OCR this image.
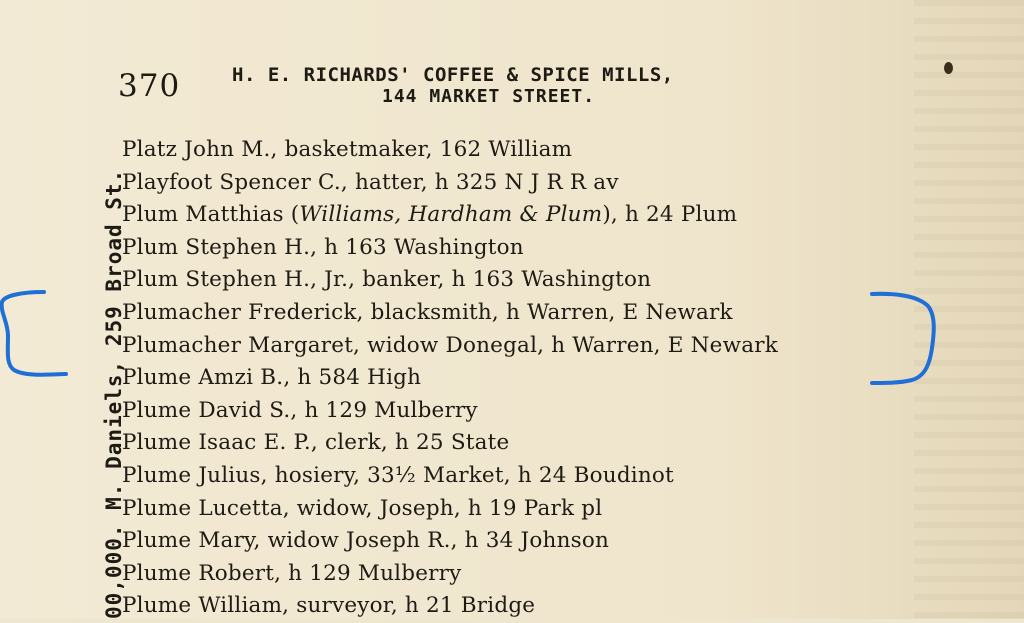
370	H. E. RICHARDS' COFFEE & SPICE MILLS,
144 MARKET STREET.
00,000. M. Daniels, 259 Broad St.
Platz John M., basketmaker, 162 William
Playfoot Spencer C., hatter, h 325 N J R R av
Plum Matthias (Williams, Hardham & Plum), h 24 Plum
Plum Stephen H., h 163 Washington
Plum Stephen H., Jr., banker, h 163 Washington
Plumacher Frederick, blacksmith, h Warren, E Newark
Plumacher Margaret, widow Donegal, h Warren, E Newark
Plume Amzi B., h 584 High
Plume David S., h 129 Mulberry
Plume Isaac E. P., clerk, h 25 State
Plume Julius, hosiery, 33½ Market, h 24 Boudinot
Plume Lucetta, widow, Joseph, h 19 Park pl
Plume Mary, widow Joseph R., h 34 Johnson
Plume Robert, h 129 Mulberry
Plume William, surveyor, h 21 Bridge
